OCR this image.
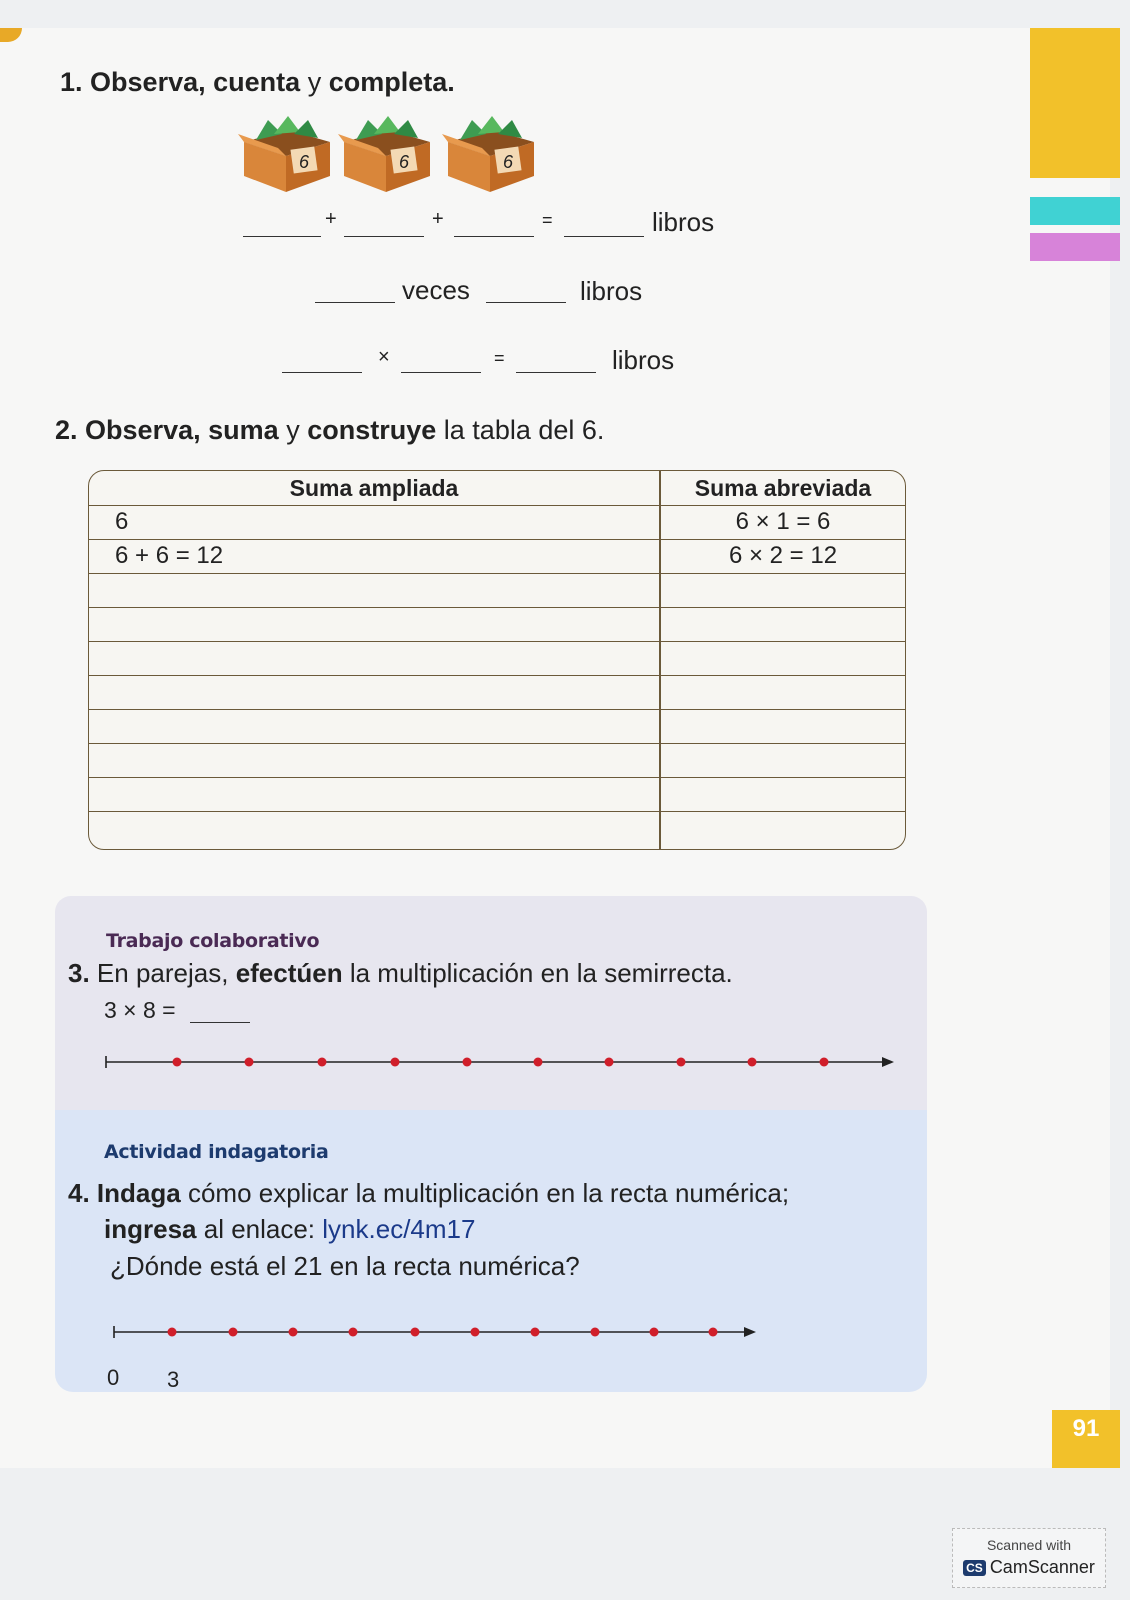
1. Observa, cuenta y completa.
6	6	6
+	+	=	libros
veces	libros
×	=	libros
2. Observa, suma y construye la tabla del 6.
Suma ampliada	Suma abreviada
6	6 × 1 = 6
6 + 6 = 12	6 × 2 = 12
Trabajo colaborativo
3. En parejas, efectúen la multiplicación en la semirrecta.
3 × 8 =
Actividad indagatoria
4. Indaga cómo explicar la multiplicación en la recta numérica;
ingresa al enlace: lynk.ec/4m17
¿Dónde está el 21 en la recta numérica?
0 3
91
Scanned with
CS CamScanner
